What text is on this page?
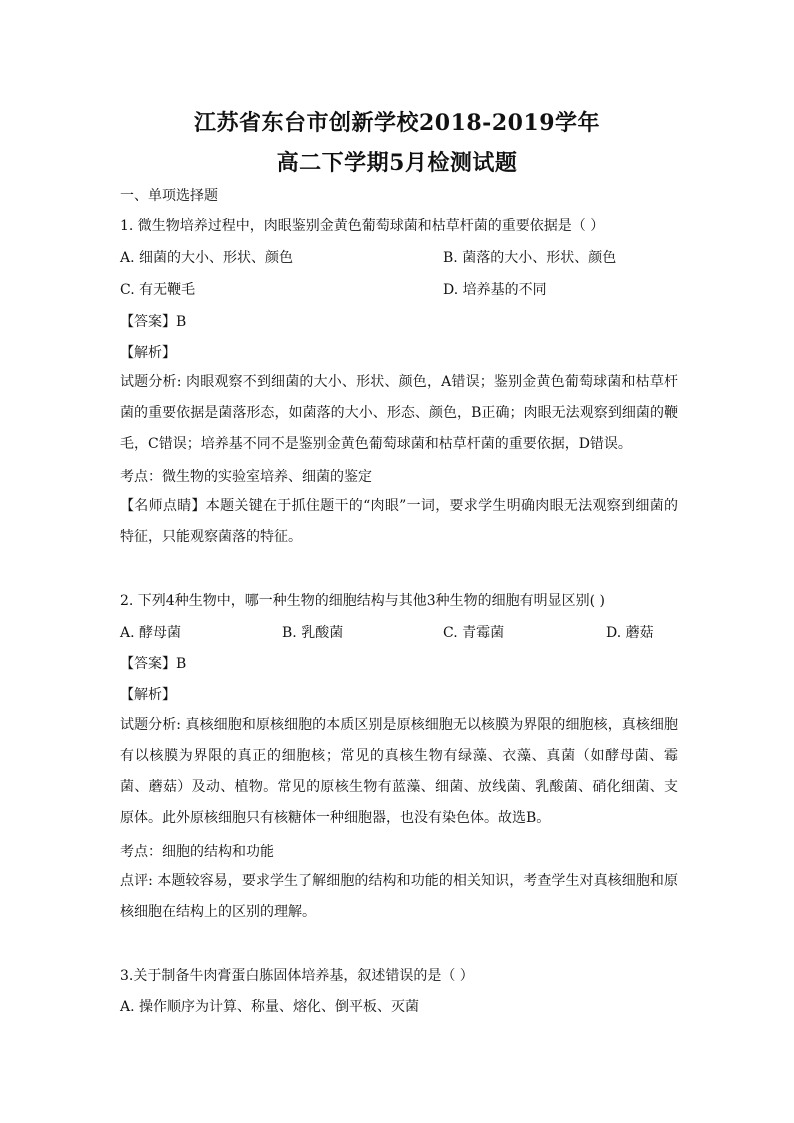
江苏省东台市创新学校2018-2019学年
高二下学期5月检测试题
一、单项选择题
1. 微生物培养过程中，肉眼鉴别金黄色葡萄球菌和枯草杆菌的重要依据是（ ）
A. 细菌的大小、形状、颜色	B. 菌落的大小、形状、颜色
C. 有无鞭毛	D. 培养基的不同
【答案】B
【解析】
试题分析: 肉眼观察不到细菌的大小、形状、颜色，A错误；鉴别金黄色葡萄球菌和枯草杆菌的重要依据是菌落形态，如菌落的大小、形态、颜色，B正确；肉眼无法观察到细菌的鞭毛，C错误；培养基不同不是鉴别金黄色葡萄球菌和枯草杆菌的重要依据，D错误。
考点：微生物的实验室培养、细菌的鉴定
【名师点睛】本题关键在于抓住题干的“肉眼”一词，要求学生明确肉眼无法观察到细菌的特征，只能观察菌落的特征。
2. 下列4种生物中，哪一种生物的细胞结构与其他3种生物的细胞有明显区别( )
A. 酵母菌	B. 乳酸菌	C. 青霉菌	D. 蘑菇
【答案】B
【解析】
试题分析: 真核细胞和原核细胞的本质区别是原核细胞无以核膜为界限的细胞核，真核细胞有以核膜为界限的真正的细胞核；常见的真核生物有绿藻、衣藻、真菌（如酵母菌、霉菌、蘑菇）及动、植物。常见的原核生物有蓝藻、细菌、放线菌、乳酸菌、硝化细菌、支原体。此外原核细胞只有核糖体一种细胞器，也没有染色体。故选B。
考点：细胞的结构和功能
点评: 本题较容易，要求学生了解细胞的结构和功能的相关知识，考查学生对真核细胞和原核细胞在结构上的区别的理解。
3.关于制备牛肉膏蛋白胨固体培养基，叙述错误的是（ ）
A. 操作顺序为计算、称量、熔化、倒平板、灭菌
